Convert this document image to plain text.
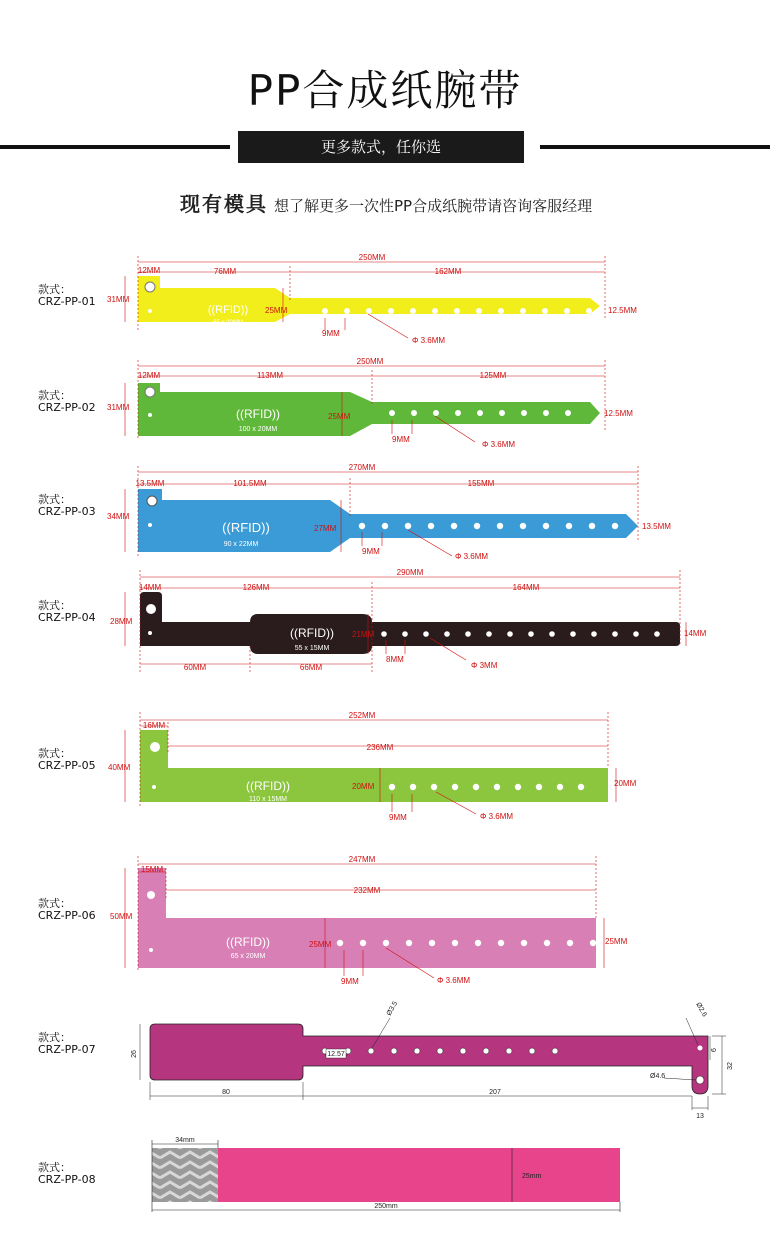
PP合成纸腕带
更多款式，任你选
现有模具 想了解更多一次性PP合成纸腕带请咨询客服经理
款式：
CRZ-PP-01
款式：
CRZ-PP-02
款式：
CRZ-PP-03
款式：
CRZ-PP-04
款式：
CRZ-PP-05
款式：
CRZ-PP-06
款式：
CRZ-PP-07
款式：
CRZ-PP-08
((RFID))
65 x 20MM
250MM
76MM	162MM
12MM
31MM
25MM
9MM
Φ 3.6MM
12.5MM
((RFID))
100 x 20MM
250MM
113MM	125MM
12MM
31MM
25MM
9MM
Φ 3.6MM
12.5MM
((RFID))
90 x 22MM
270MM
101.5MM	155MM
13.5MM
34MM
27MM
9MM
Φ 3.6MM
13.5MM
((RFID))
55 x 15MM
290MM
126MM	164MM
14MM
28MM
21MM
8MM
Φ 3MM
14MM
60MM	66MM
((RFID))
110 x 15MM
252MM
236MM
16MM
40MM
20MM
9MM	Φ 3.6MM
20MM
((RFID))
65 x 20MM
247MM
232MM
15MM
50MM
25MM
9MM	Φ 3.6MM
25MM
12.57
26
Ø3.5	Ø2.6
Ø4.6
80	207
13
32
6
34mm
25mm
250mm
